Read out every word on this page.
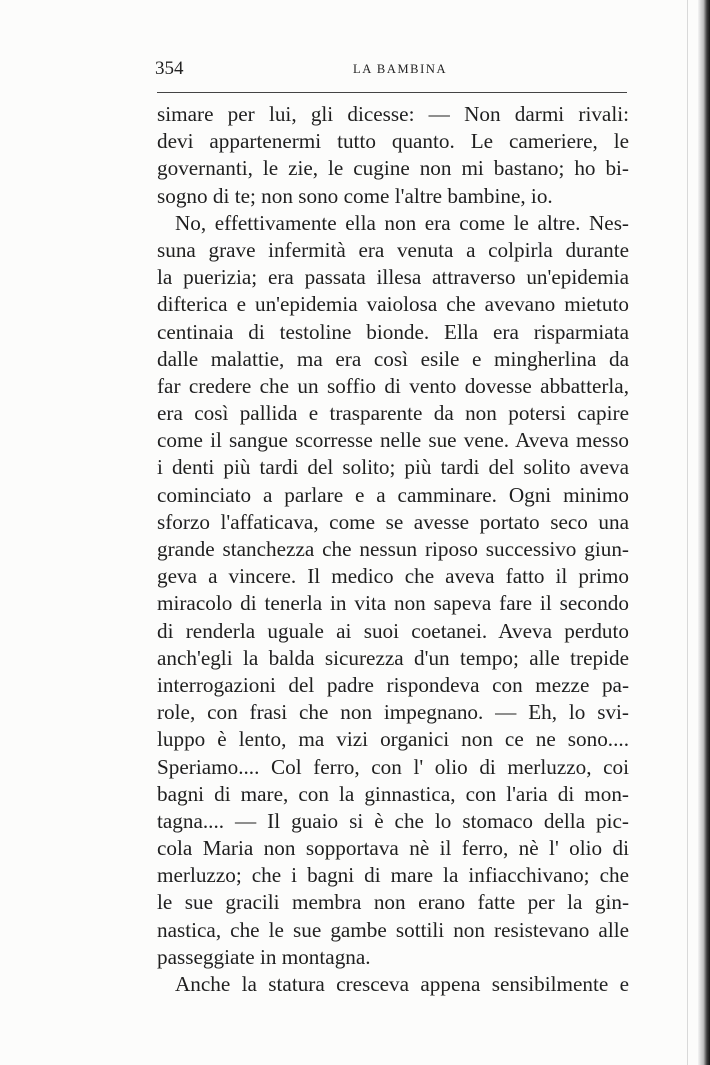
354	LA BAMBINA
simare per lui, gli dicesse: — Non darmi rivali:
devi appartenermi tutto quanto. Le cameriere, le
governanti, le zie, le cugine non mi bastano; ho bi-
sogno di te; non sono come l'altre bambine, io.
No, effettivamente ella non era come le altre. Nes-
suna grave infermità era venuta a colpirla durante
la puerizia; era passata illesa attraverso un'epidemia
difterica e un'epidemia vaiolosa che avevano mietuto
centinaia di testoline bionde. Ella era risparmiata
dalle malattie, ma era così esile e mingherlina da
far credere che un soffio di vento dovesse abbatterla,
era così pallida e trasparente da non potersi capire
come il sangue scorresse nelle sue vene. Aveva messo
i denti più tardi del solito; più tardi del solito aveva
cominciato a parlare e a camminare. Ogni minimo
sforzo l'affaticava, come se avesse portato seco una
grande stanchezza che nessun riposo successivo giun-
geva a vincere. Il medico che aveva fatto il primo
miracolo di tenerla in vita non sapeva fare il secondo
di renderla uguale ai suoi coetanei. Aveva perduto
anch'egli la balda sicurezza d'un tempo; alle trepide
interrogazioni del padre rispondeva con mezze pa-
role, con frasi che non impegnano. — Eh, lo svi-
luppo è lento, ma vizi organici non ce ne sono....
Speriamo.... Col ferro, con l' olio di merluzzo, coi
bagni di mare, con la ginnastica, con l'aria di mon-
tagna.... — Il guaio si è che lo stomaco della pic-
cola Maria non sopportava nè il ferro, nè l' olio di
merluzzo; che i bagni di mare la infiacchivano; che
le sue gracili membra non erano fatte per la gin-
nastica, che le sue gambe sottili non resistevano alle
passeggiate in montagna.
Anche la statura cresceva appena sensibilmente e
